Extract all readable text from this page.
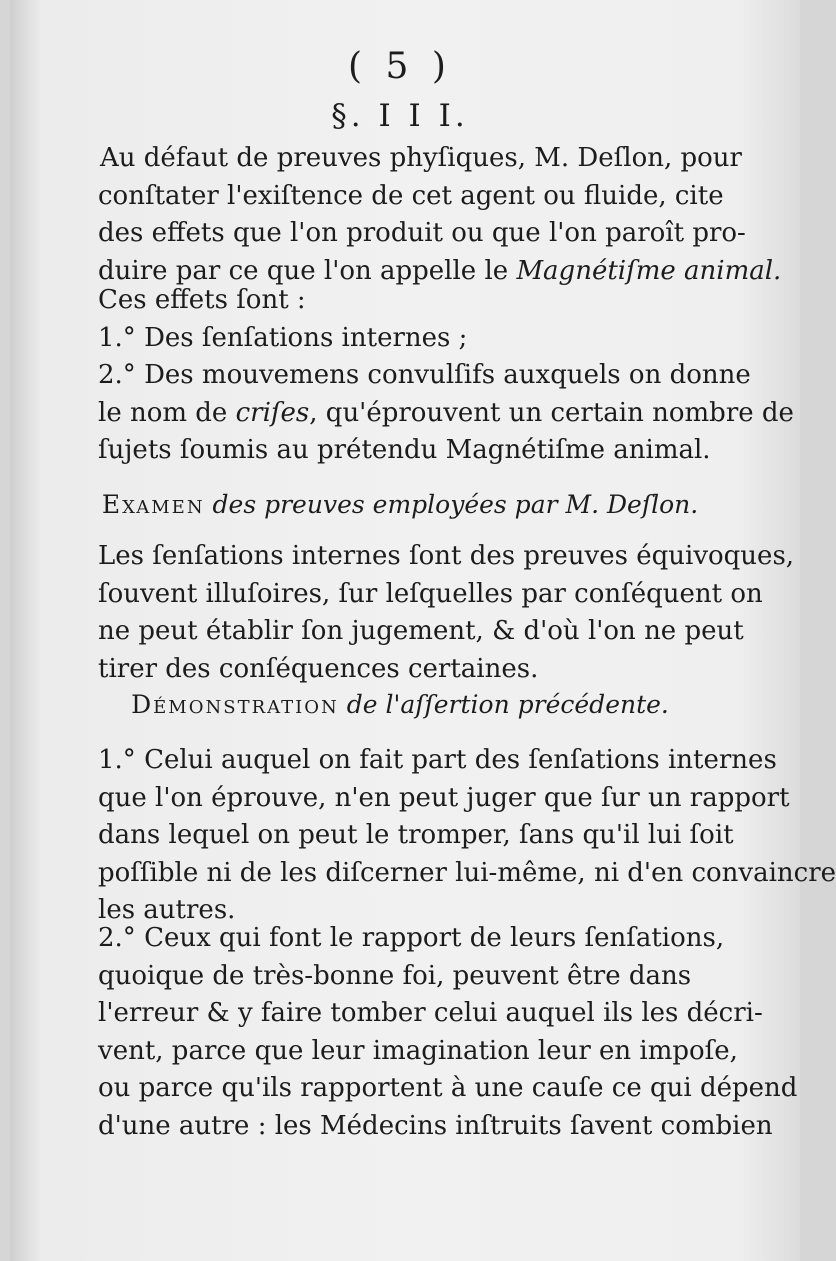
( 5 )
§. I I I.
Au défaut de preuves phyſiques, M. Deſlon, pour
conſtater l'exiſtence de cet agent ou fluide, cite
des effets que l'on produit ou que l'on paroît pro-
duire par ce que l'on appelle le Magnétiſme animal.
Ces effets ſont :
1.° Des ſenſations internes ;
2.° Des mouvemens convulſifs auxquels on donne
le nom de criſes, qu'éprouvent un certain nombre de
ſujets ſoumis au prétendu Magnétiſme animal.
Examen des preuves employées par M. Deſlon.
Les ſenſations internes ſont des preuves équivoques,
ſouvent illuſoires, ſur leſquelles par conſéquent on
ne peut établir ſon jugement, & d'où l'on ne peut
tirer des conſéquences certaines.
Démonstration de l'aſſertion précédente.
1.° Celui auquel on fait part des ſenſations internes
que l'on éprouve, n'en peut juger que ſur un rapport
dans lequel on peut le tromper, ſans qu'il lui ſoit
poſſible ni de les diſcerner lui-même, ni d'en convaincre
les autres.
2.° Ceux qui font le rapport de leurs ſenſations,
quoique de très-bonne foi, peuvent être dans
l'erreur & y faire tomber celui auquel ils les décri-
vent, parce que leur imagination leur en impoſe,
ou parce qu'ils rapportent à une cauſe ce qui dépend
d'une autre : les Médecins inſtruits ſavent combien
